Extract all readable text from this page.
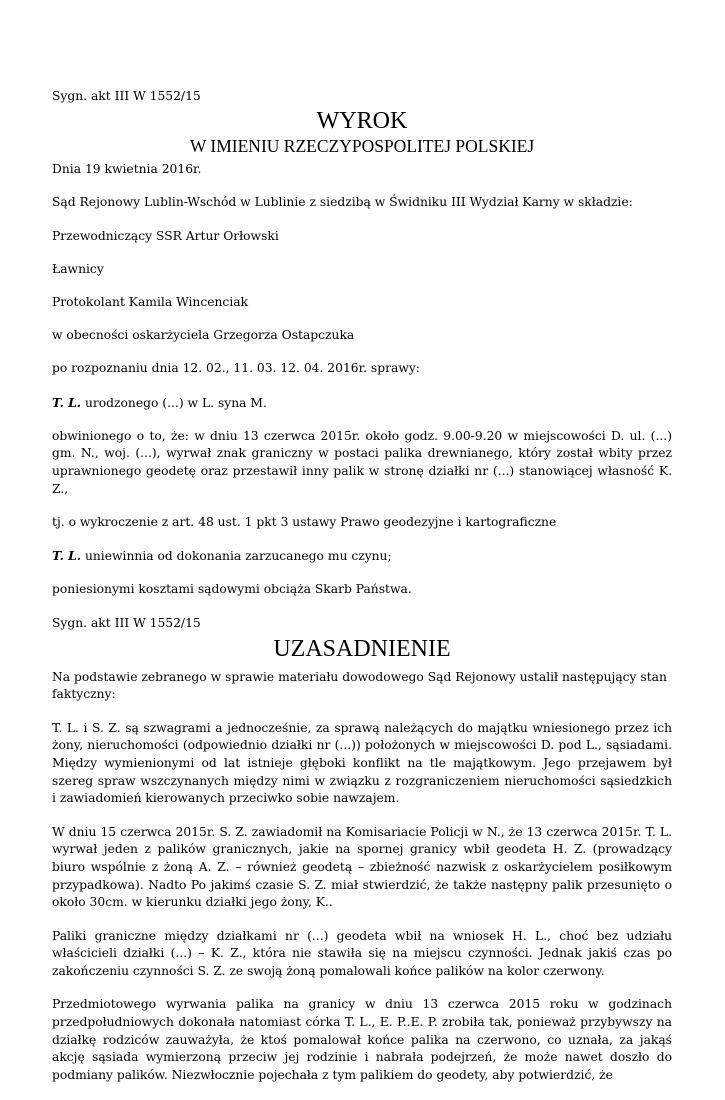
Sygn. akt III W 1552/15

WYROK
W IMIENIU RZECZYPOSPOLITEJ POLSKIEJ

Dnia 19 kwietnia 2016r.

Sąd Rejonowy Lublin-Wschód w Lublinie z siedzibą w Świdniku III Wydział Karny w składzie:

Przewodniczący SSR Artur Orłowski

Ławnicy

Protokolant Kamila Wincenciak

w obecności oskarżyciela Grzegorza Ostapczuka

po rozpoznaniu dnia 12. 02., 11. 03. 12. 04. 2016r. sprawy:

T. L. urodzonego (...) w L. syna M.

obwinionego o to, że: w dniu 13 czerwca 2015r. około godz. 9.00-9.20 w miejscowości D. ul. (...) gm. N., woj. (...), wyrwał znak graniczny w postaci palika drewnianego, który został wbity przez uprawnionego geodetę oraz przestawił inny palik w stronę działki nr (...) stanowiącej własność K. Z.,

tj. o wykroczenie z art. 48 ust. 1 pkt 3 ustawy Prawo geodezyjne i kartograficzne

T. L. uniewinnia od dokonania zarzucanego mu czynu;

poniesionymi kosztami sądowymi obciąża Skarb Państwa.

Sygn. akt III W 1552/15

UZASADNIENIE

Na podstawie zebranego w sprawie materiału dowodowego Sąd Rejonowy ustalił następujący stan faktyczny:

T. L. i S. Z. są szwagrami a jednocześnie, za sprawą należących do majątku wniesionego przez ich żony, nieruchomości (odpowiednio działki nr (...)) położonych w miejscowości D. pod L., sąsiadami. Między wymienionymi od lat istnieje głęboki konflikt na tle majątkowym. Jego przejawem był szereg spraw wszczynanych między nimi w związku z rozgraniczeniem nieruchomości sąsiedzkich i zawiadomień kierowanych przeciwko sobie nawzajem.

W dniu 15 czerwca 2015r. S. Z. zawiadomił na Komisariacie Policji w N., że 13 czerwca 2015r. T. L. wyrwał jeden z palików granicznych, jakie na spornej granicy wbił geodeta H. Z. (prowadzący biuro wspólnie z żoną A. Z. – również geodetą – zbieżność nazwisk z oskarżycielem posiłkowym przypadkowa). Nadto Po jakimś czasie S. Z. miał stwierdzić, że także następny palik przesunięto o około 30cm. w kierunku działki jego żony, K..

Paliki graniczne między działkami nr (...) geodeta wbił na wniosek H. L., choć bez udziału właścicieli działki (...) – K. Z., która nie stawiła się na miejscu czynności. Jednak jakiś czas po zakończeniu czynności S. Z. ze swoją żoną pomalowali końce palików na kolor czerwony.

Przedmiotowego wyrwania palika na granicy w dniu 13 czerwca 2015 roku w godzinach przedpołudniowych dokonała natomiast córka T. L., E. P..E. P. zrobiła tak, ponieważ przybywszy na działkę rodziców zauważyła, że ktoś pomalował końce palika na czerwono, co uznała, za jakąś akcję sąsiada wymierzoną przeciw jej rodzinie i nabrała podejrzeń, że może nawet doszło do podmiany palików. Niezwłocznie pojechała z tym palikiem do geodety, aby potwierdzić, że
